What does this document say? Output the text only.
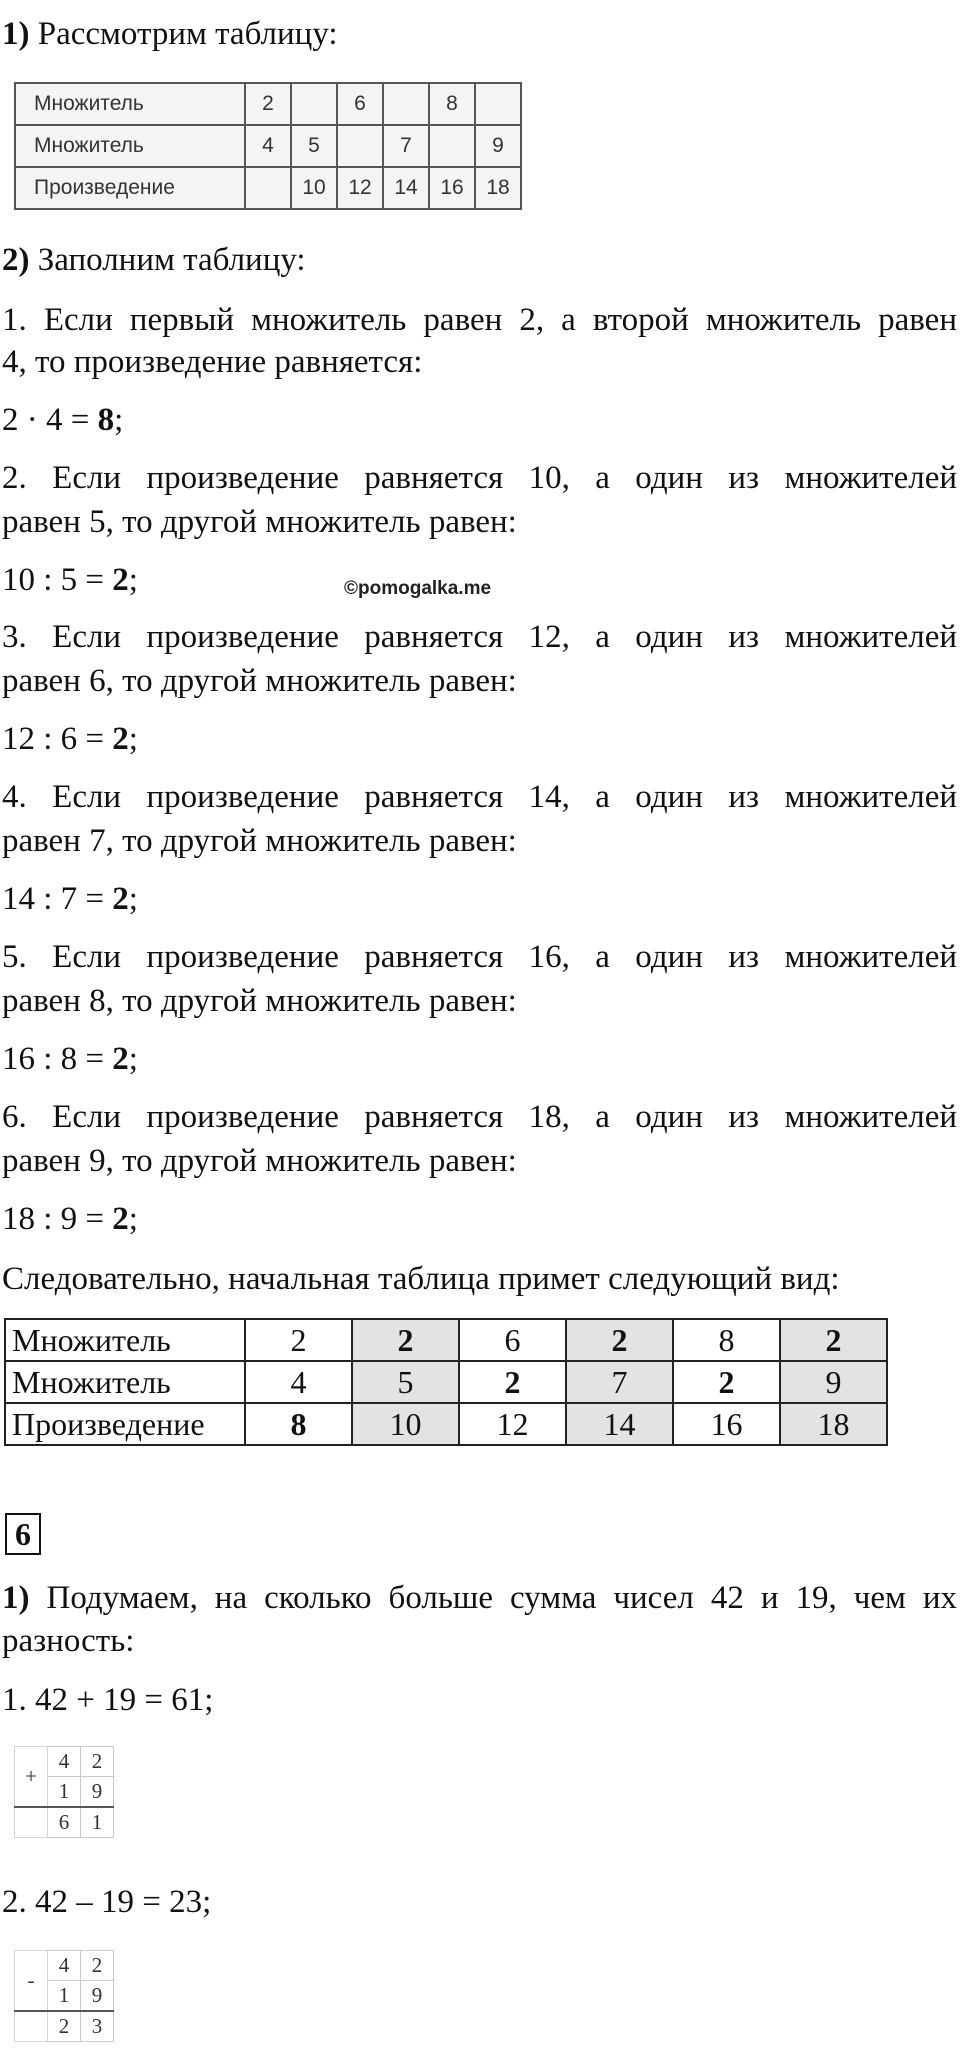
1) Рассмотрим таблицу:
Множитель	2		6		8	
Множитель	4	5		7		9
Произведение		10	12	14	16	18
2) Заполним таблицу:
1. Если первый множитель равен 2, а второй множитель равен
4, то произведение равняется:
2 · 4 = 8;
2. Если произведение равняется 10, а один из множителей
равен 5, то другой множитель равен:
10 : 5 = 2;	©pomogalka.me
3. Если произведение равняется 12, а один из множителей
равен 6, то другой множитель равен:
12 : 6 = 2;
4. Если произведение равняется 14, а один из множителей
равен 7, то другой множитель равен:
14 : 7 = 2;
5. Если произведение равняется 16, а один из множителей
равен 8, то другой множитель равен:
16 : 8 = 2;
6. Если произведение равняется 18, а один из множителей
равен 9, то другой множитель равен:
18 : 9 = 2;
Следовательно, начальная таблица примет следующий вид:
Множитель	2	2	6	2	8	2
Множитель	4	5	2	7	2	9
Произведение	8	10	12	14	16	18
6
1) Подумаем, на сколько больше сумма чисел 42 и 19, чем их
разность:
1. 42 + 19 = 61;
+	4	2
	1	9
	6	1
2. 42 – 19 = 23;
-	4	2
	1	9
	2	3
